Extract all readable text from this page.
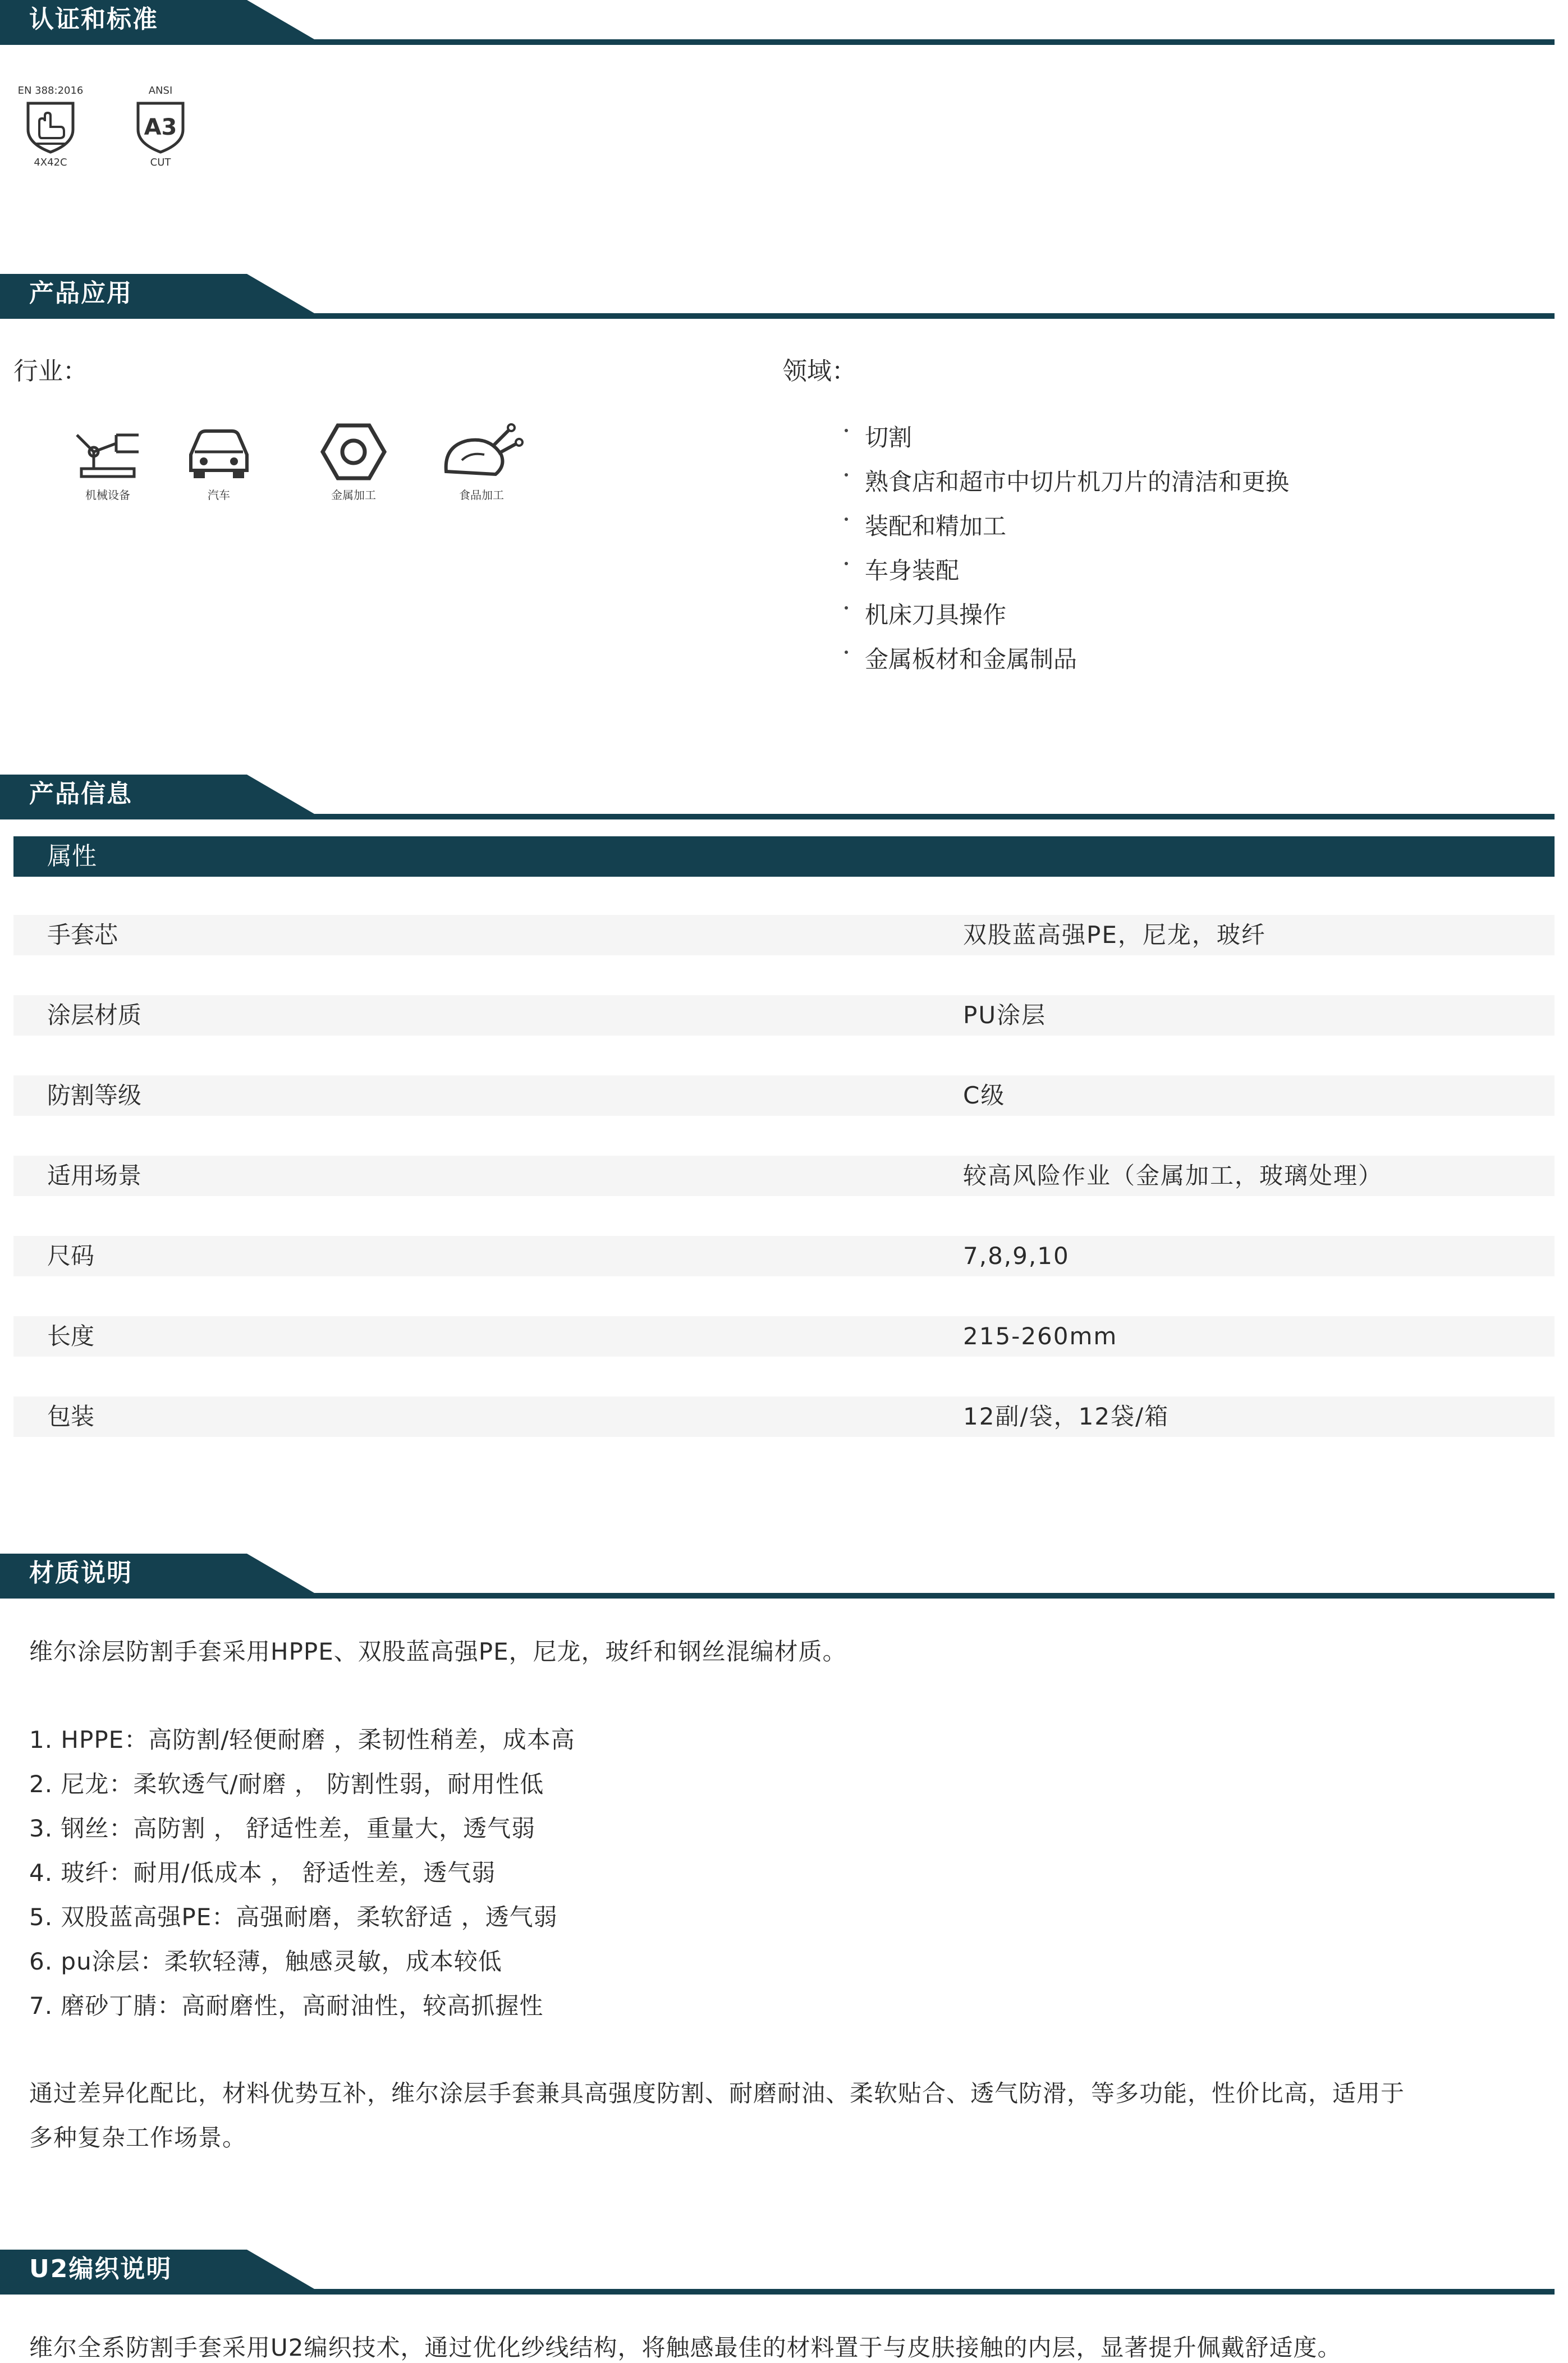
认证和标准
EN 388:2016
4X42C
ANSI
A3
CUT
产品应用
行业：	领域：
机械设备	汽车	金属加工	食品加工
切割
熟食店和超市中切片机刀片的清洁和更换
装配和精加工
车身装配
机床刀具操作
金属板材和金属制品
产品信息
属性
手套芯	双股蓝高强PE，尼龙，玻纤
涂层材质	PU涂层
防割等级	C级
适用场景	较高风险作业（金属加工，玻璃处理）
尺码	7,8,9,10
长度	215-260mm
包装	12副/袋，12袋/箱
材质说明
维尔涂层防割手套采用HPPE、双股蓝高强PE，尼龙，玻纤和钢丝混编材质。
1. HPPE：高防割/轻便耐磨 ，柔韧性稍差，成本高
2. 尼龙：柔软透气/耐磨 ， 防割性弱，耐用性低
3. 钢丝：高防割 ， 舒适性差，重量大，透气弱
4. 玻纤：耐用/低成本 ， 舒适性差，透气弱
5. 双股蓝高强PE：高强耐磨，柔软舒适 ，透气弱
6. pu涂层：柔软轻薄，触感灵敏，成本较低
7. 磨砂丁腈：高耐磨性，高耐油性，较高抓握性
通过差异化配比，材料优势互补，维尔涂层手套兼具高强度防割、耐磨耐油、柔软贴合、透气防滑，等多功能，性价比高，适用于
多种复杂工作场景。
U2编织说明
维尔全系防割手套采用U2编织技术，通过优化纱线结构，将触感最佳的材料置于与皮肤接触的内层，显著提升佩戴舒适度。
